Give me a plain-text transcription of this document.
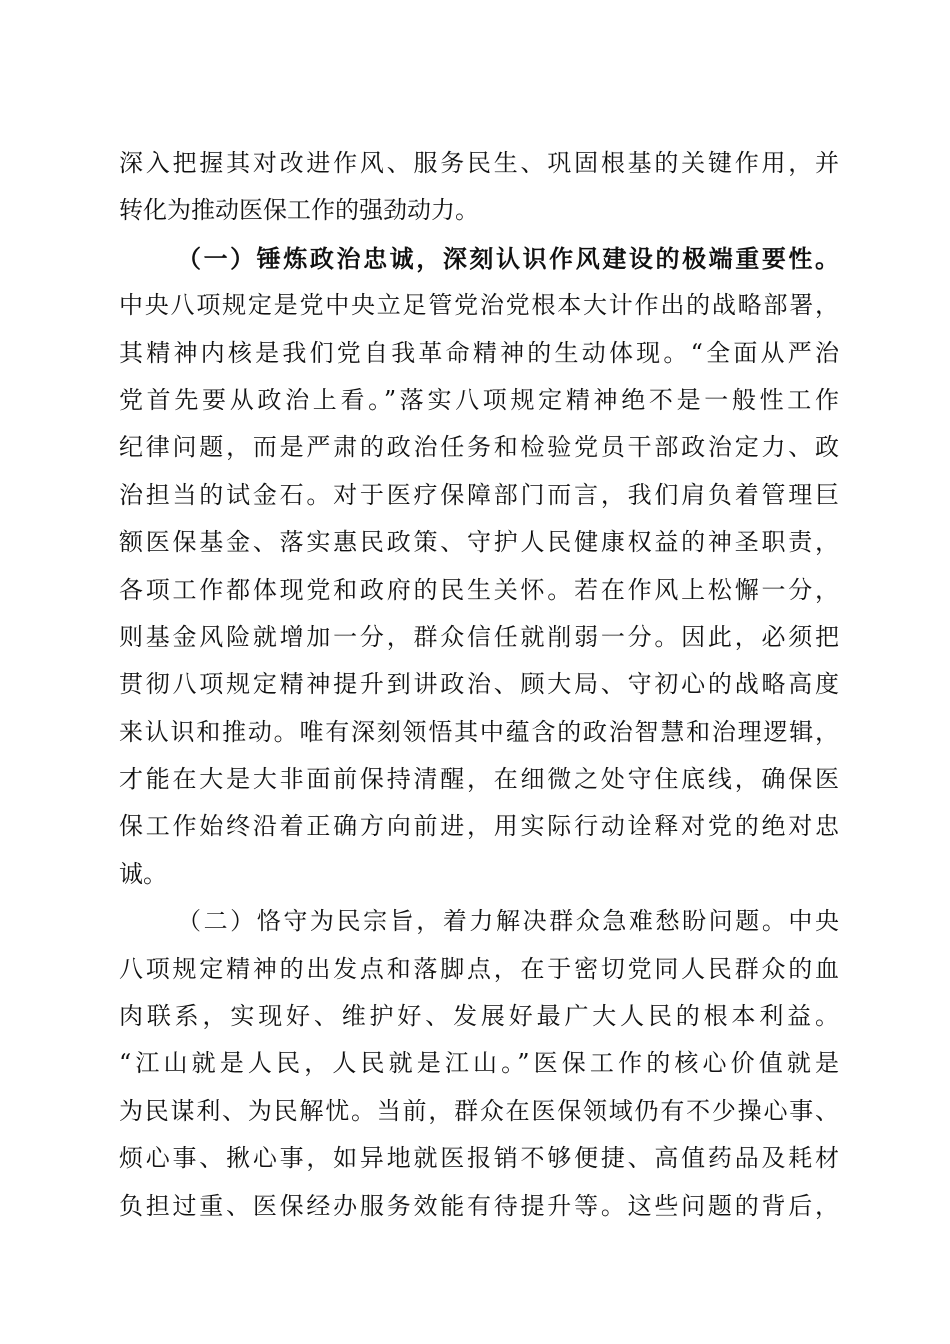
深入把握其对改进作风、服务民生、巩固根基的关键作用，并
转化为推动医保工作的强劲动力。
（一）锤炼政治忠诚，深刻认识作风建设的极端重要性。
中央八项规定是党中央立足管党治党根本大计作出的战略部署，
其精神内核是我们党自我革命精神的生动体现。“全面从严治
党首先要从政治上看。”落实八项规定精神绝不是一般性工作
纪律问题，而是严肃的政治任务和检验党员干部政治定力、政
治担当的试金石。对于医疗保障部门而言，我们肩负着管理巨
额医保基金、落实惠民政策、守护人民健康权益的神圣职责，
各项工作都体现党和政府的民生关怀。若在作风上松懈一分，
则基金风险就增加一分，群众信任就削弱一分。因此，必须把
贯彻八项规定精神提升到讲政治、顾大局、守初心的战略高度
来认识和推动。唯有深刻领悟其中蕴含的政治智慧和治理逻辑，
才能在大是大非面前保持清醒，在细微之处守住底线，确保医
保工作始终沿着正确方向前进，用实际行动诠释对党的绝对忠
诚。
（二）恪守为民宗旨，着力解决群众急难愁盼问题。中央
八项规定精神的出发点和落脚点，在于密切党同人民群众的血
肉联系，实现好、维护好、发展好最广大人民的根本利益。
“江山就是人民，人民就是江山。”医保工作的核心价值就是
为民谋利、为民解忧。当前，群众在医保领域仍有不少操心事、
烦心事、揪心事，如异地就医报销不够便捷、高值药品及耗材
负担过重、医保经办服务效能有待提升等。这些问题的背后，
